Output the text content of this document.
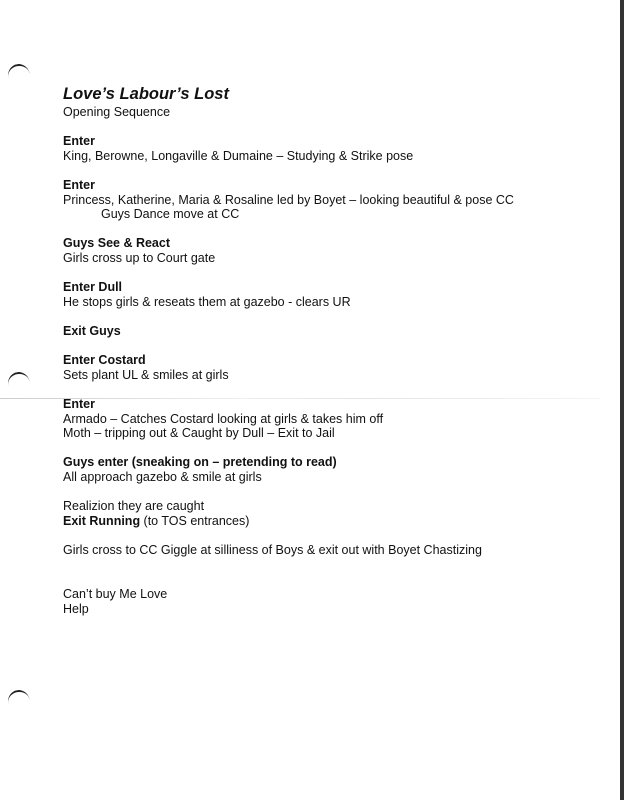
Love’s Labour’s Lost
Opening Sequence
Enter
King, Berowne, Longaville & Dumaine – Studying & Strike pose
Enter
Princess, Katherine, Maria & Rosaline led by Boyet – looking beautiful & pose CC
Guys Dance move at CC
Guys See & React
Girls cross up to Court gate
Enter Dull
He stops girls & reseats them at gazebo - clears UR
Exit Guys
Enter Costard
Sets plant UL & smiles at girls
Enter
Armado – Catches Costard looking at girls & takes him off
Moth – tripping out & Caught by Dull – Exit to Jail
Guys enter (sneaking on – pretending to read)
All approach gazebo & smile at girls
Realizion they are caught
Exit Running (to TOS entrances)
Girls cross to CC Giggle at silliness of Boys & exit out with Boyet Chastizing
Can’t buy Me Love
Help
